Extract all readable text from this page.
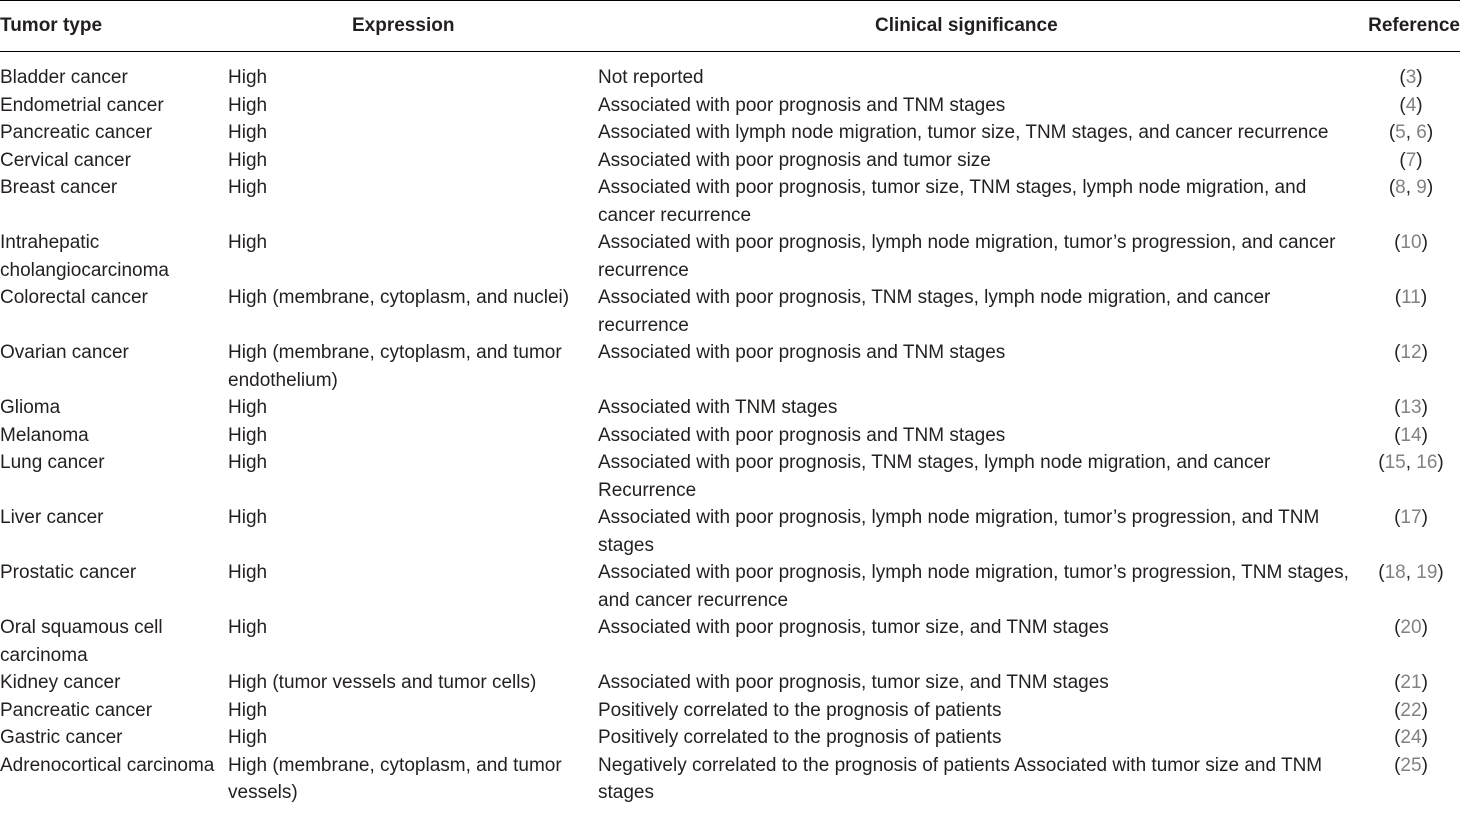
Tumor type	Expression	Clinical significance	Reference
Bladder cancer	High	Not reported	(3)
Endometrial cancer	High	Associated with poor prognosis and TNM stages	(4)
Pancreatic cancer	High	Associated with lymph node migration, tumor size, TNM stages, and cancer recurrence	(5, 6)
Cervical cancer	High	Associated with poor prognosis and tumor size	(7)
Breast cancer	High	Associated with poor prognosis, tumor size, TNM stages, lymph node migration, and cancer recurrence	(8, 9)
Intrahepatic cholangiocarcinoma	High	Associated with poor prognosis, lymph node migration, tumor’s progression, and cancer recurrence	(10)
Colorectal cancer	High (membrane, cytoplasm, and nuclei)	Associated with poor prognosis, TNM stages, lymph node migration, and cancer recurrence	(11)
Ovarian cancer	High (membrane, cytoplasm, and tumor endothelium)	Associated with poor prognosis and TNM stages	(12)
Glioma	High	Associated with TNM stages	(13)
Melanoma	High	Associated with poor prognosis and TNM stages	(14)
Lung cancer	High	Associated with poor prognosis, TNM stages, lymph node migration, and cancer Recurrence	(15, 16)
Liver cancer	High	Associated with poor prognosis, lymph node migration, tumor’s progression, and TNM stages	(17)
Prostatic cancer	High	Associated with poor prognosis, lymph node migration, tumor’s progression, TNM stages, and cancer recurrence	(18, 19)
Oral squamous cell carcinoma	High	Associated with poor prognosis, tumor size, and TNM stages	(20)
Kidney cancer	High (tumor vessels and tumor cells)	Associated with poor prognosis, tumor size, and TNM stages	(21)
Pancreatic cancer	High	Positively correlated to the prognosis of patients	(22)
Gastric cancer	High	Positively correlated to the prognosis of patients	(24)
Adrenocortical carcinoma	High (membrane, cytoplasm, and tumor vessels)	Negatively correlated to the prognosis of patients Associated with tumor size and TNM stages	(25)
